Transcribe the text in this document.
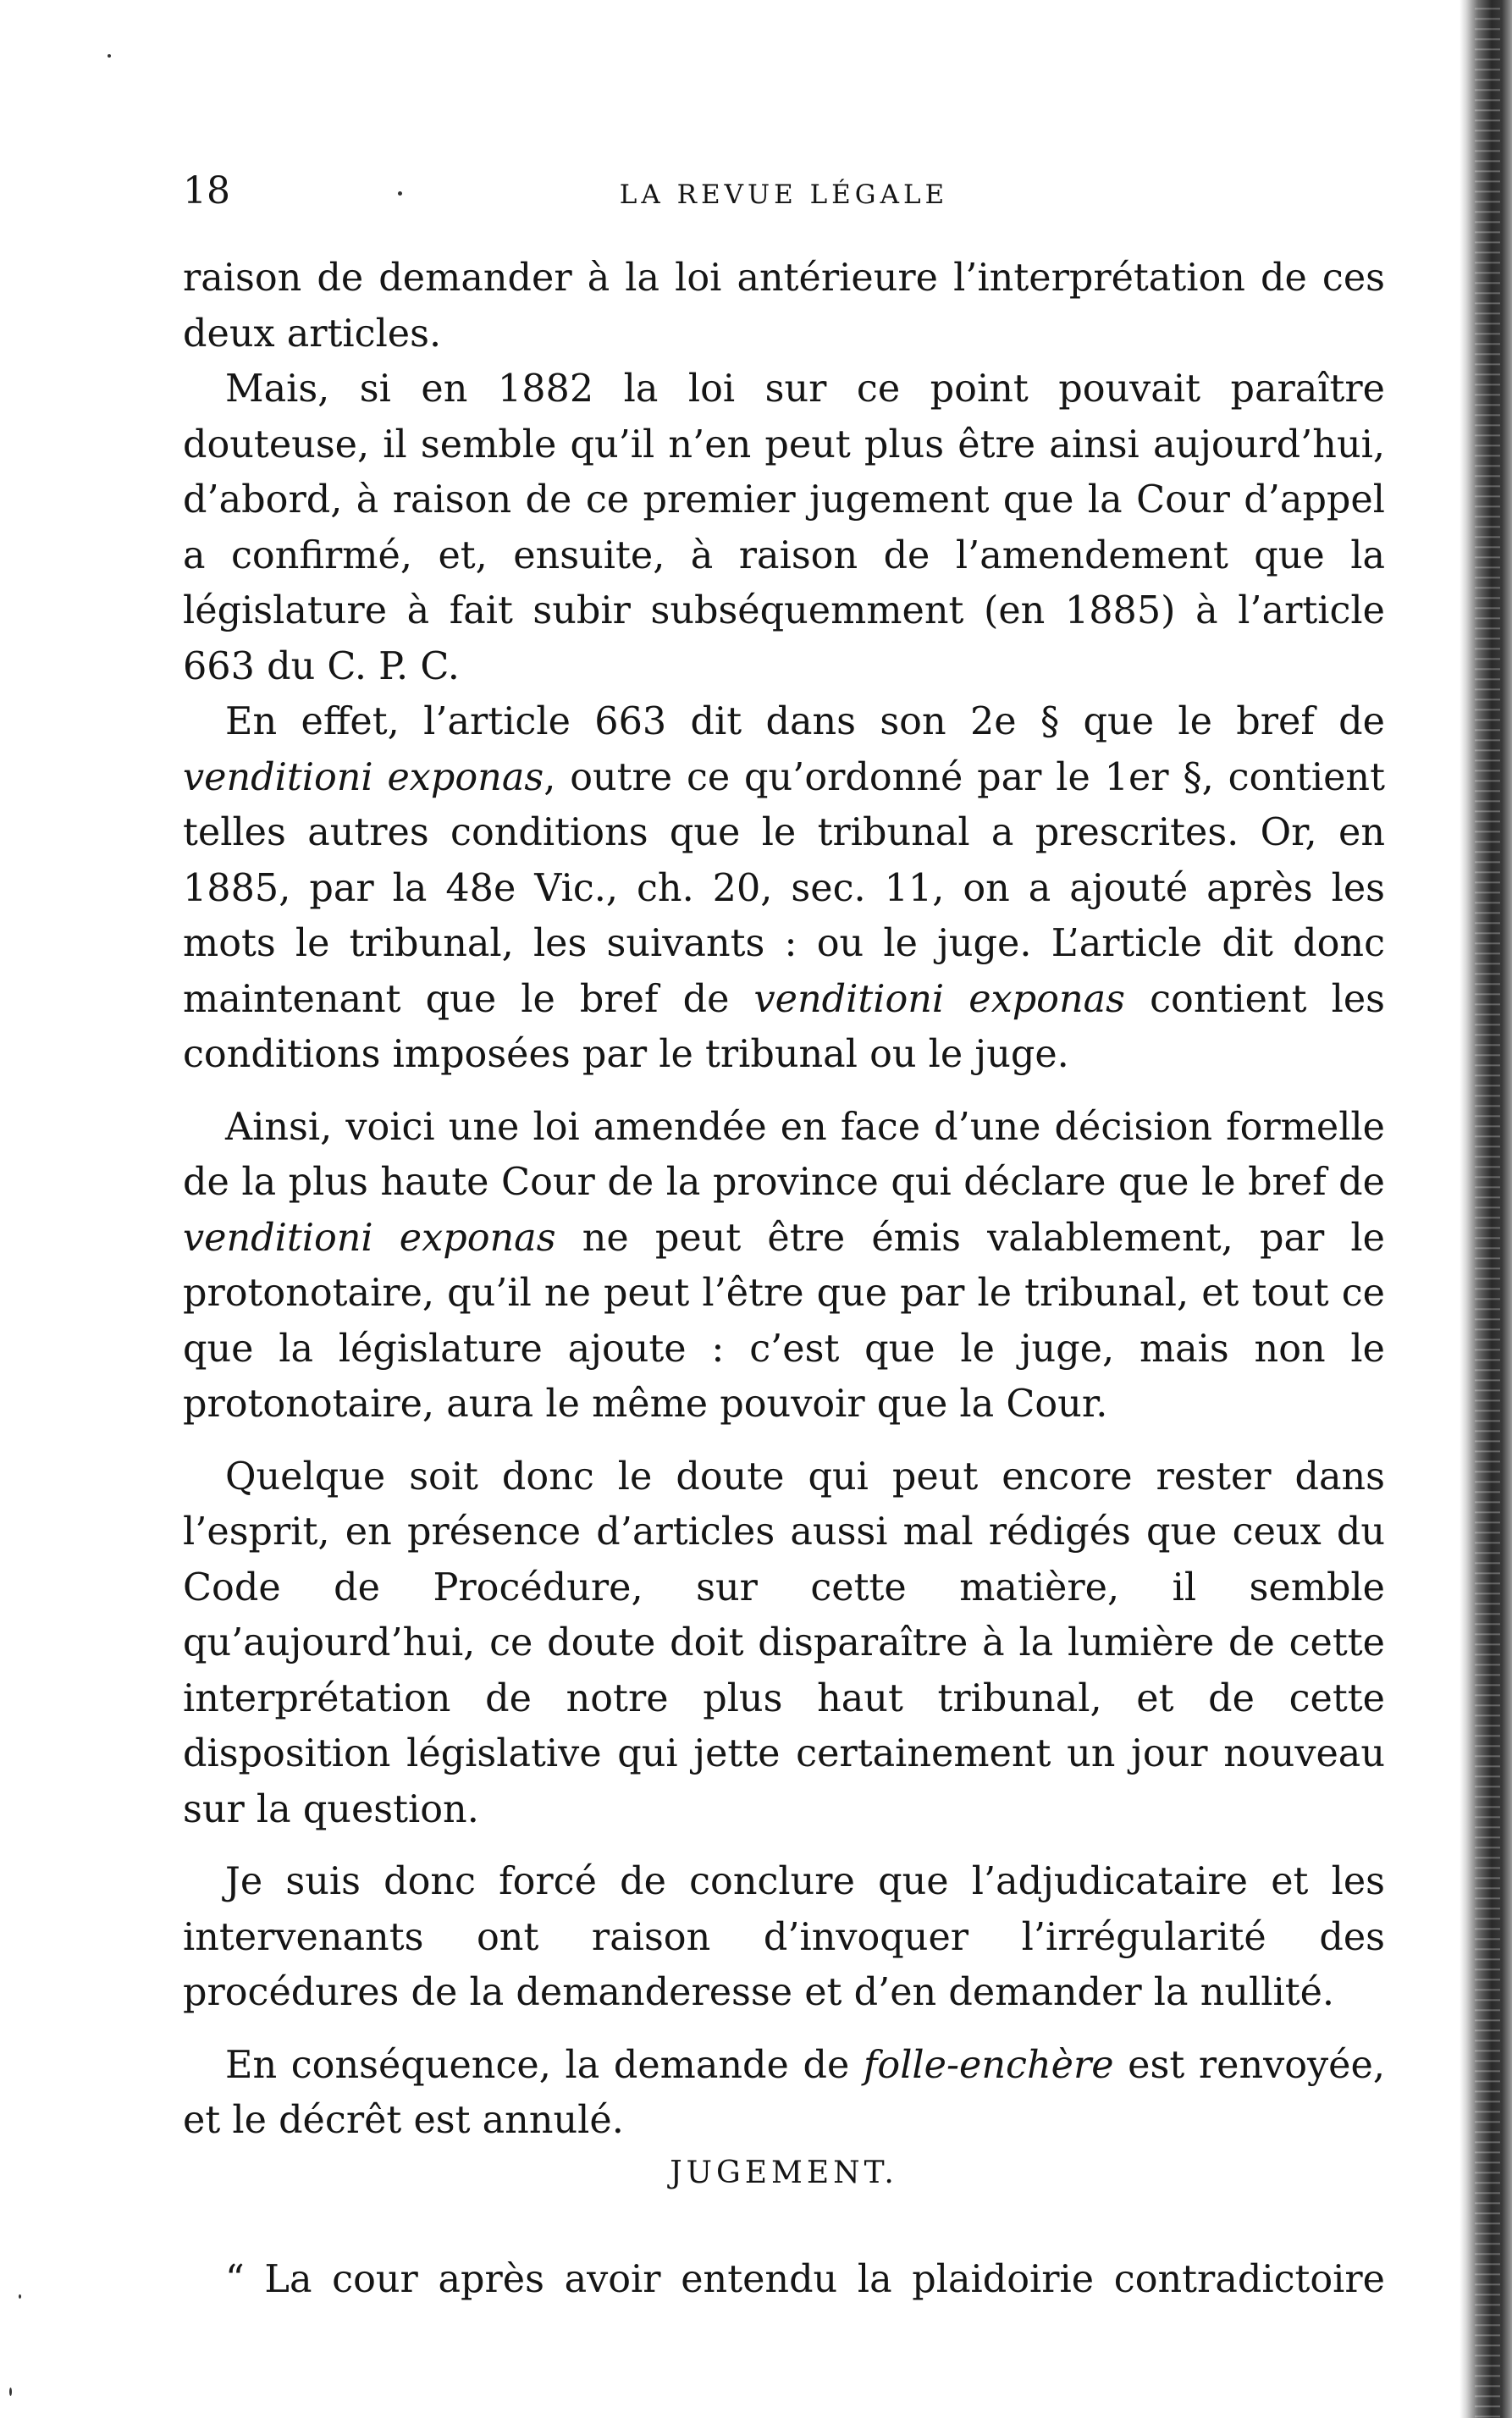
18	LA REVUE LÉGALE

raison de demander à la loi antérieure l’interprétation de ces deux articles.

Mais, si en 1882 la loi sur ce point pouvait paraître douteuse, il semble qu’il n’en peut plus être ainsi aujourd’hui, d’abord, à raison de ce premier jugement que la Cour d’appel a confirmé, et, ensuite, à raison de l’amendement que la législature à fait subir subséquemment (en 1885) à l’article 663 du C. P. C.

En effet, l’article 663 dit dans son 2e § que le bref de venditioni exponas, outre ce qu’ordonné par le 1er §, contient telles autres conditions que le tribunal a prescrites. Or, en 1885, par la 48e Vic., ch. 20, sec. 11, on a ajouté après les mots le tribunal, les suivants : ou le juge. L’article dit donc maintenant que le bref de venditioni exponas contient les conditions imposées par le tribunal ou le juge.

Ainsi, voici une loi amendée en face d’une décision formelle de la plus haute Cour de la province qui déclare que le bref de venditioni exponas ne peut être émis valablement, par le protonotaire, qu’il ne peut l’être que par le tribunal, et tout ce que la législature ajoute : c’est que le juge, mais non le protonotaire, aura le même pouvoir que la Cour.

Quelque soit donc le doute qui peut encore rester dans l’esprit, en présence d’articles aussi mal rédigés que ceux du Code de Procédure, sur cette matière, il semble qu’aujourd’hui, ce doute doit disparaître à la lumière de cette interprétation de notre plus haut tribunal, et de cette disposition législative qui jette certainement un jour nouveau sur la question.

Je suis donc forcé de conclure que l’adjudicataire et les intervenants ont raison d’invoquer l’irrégularité des procédures de la demanderesse et d’en demander la nullité.

En conséquence, la demande de folle-enchère est renvoyée, et le décrêt est annulé.

JUGEMENT.
“ La cour après avoir entendu la plaidoirie contradictoire
